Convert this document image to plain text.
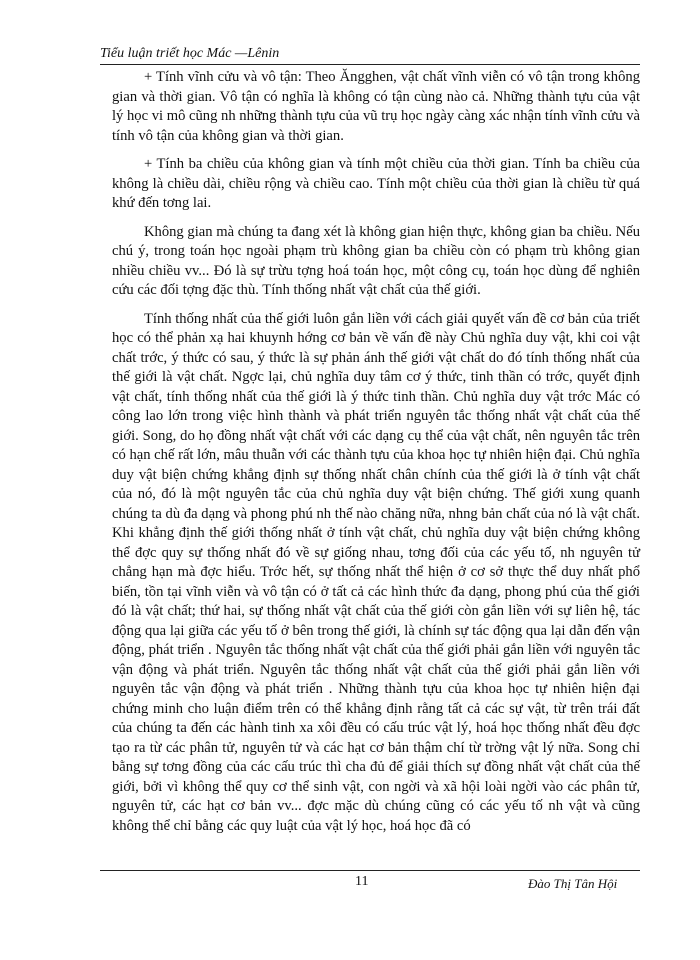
Tiểu luận triết học Mác —Lênin

+ Tính vĩnh cửu và vô tận: Theo Ăngghen, vật chất vĩnh viễn có vô tận trong không gian và thời gian. Vô tận có nghĩa là không có tận cùng nào cả. Những thành tựu của vật lý học vi mô cũng nh những thành tựu của vũ trụ học ngày càng xác nhận tính vĩnh cửu và tính vô tận của không gian và thời gian.

+ Tính ba chiều của không gian và tính một chiều của thời gian. Tính ba chiều của không là chiều dài, chiều rộng và chiều cao. Tính một chiều của thời gian là chiều từ quá khứ đến tơng lai.

Không gian mà chúng ta đang xét là không gian hiện thực, không gian ba chiều. Nếu chú ý, trong toán học ngoài phạm trù không gian ba chiều còn có phạm trù không gian nhiều chiều vv... Đó là sự trừu tợng hoá toán học, một công cụ, toán học dùng để nghiên cứu các đối tợng đặc thù. Tính thống nhất vật chất của thế giới.

Tính thống nhất của thế giới luôn gắn liền với cách giải quyết vấn đề cơ bản của triết học có thể phản xạ hai khuynh hớng cơ bản về vấn đề này Chủ nghĩa duy vật, khi coi vật chất trớc, ý thức có sau, ý thức là sự phản ánh thế giới vật chất do đó tính thống nhất của thế giới là vật chất. Ngợc lại, chủ nghĩa duy tâm cơ ý thức, tinh thần có trớc, quyết định vật chất, tính thống nhất của thế giới là ý thức tinh thần. Chủ nghĩa duy vật trớc Mác có công lao lớn trong việc hình thành và phát triển nguyên tắc thống nhất vật chất của thế giới. Song, do họ đồng nhất vật chất với các dạng cụ thể của vật chất, nên nguyên tắc trên có hạn chế rất lớn, mâu thuẫn với các thành tựu của khoa học tự nhiên hiện đại. Chủ nghĩa duy vật biện chứng khẳng định sự thống nhất chân chính của thế giới là ở tính vật chất của nó, đó là một nguyên tắc của chủ nghĩa duy vật biện chứng. Thế giới xung quanh chúng ta dù đa dạng và phong phú nh thế nào chăng nữa, nhng bản chất của nó là vật chất. Khi khẳng định thế giới thống nhất ở tính vật chất, chủ nghĩa duy vật biện chứng không thể đợc quy sự thống nhất đó về sự giống nhau, tơng đối của các yếu tố, nh nguyên tử chẳng hạn mà đợc hiểu. Trớc hết, sự thống nhất thể hiện ở cơ sở thực thể duy nhất phổ biến, tồn tại vĩnh viễn và vô tận có ở tất cả các hình thức đa dạng, phong phú của thế giới đó là vật chất; thứ hai, sự thống nhất vật chất của thế giới còn gắn liền với sự liên hệ, tác động qua lại giữa các yếu tố ở bên trong thế giới, là chính sự tác động qua lại dẫn đến vận động, phát triển . Nguyên tắc thống nhất vật chất của thế giới phải gắn liền với nguyên tắc vận động và phát triển. Nguyên tắc thống nhất vật chất của thế giới phải gắn liền với nguyên tắc vận động và phát triển . Những thành tựu của khoa học tự nhiên hiện đại chứng minh cho luận điểm trên có thể khẳng định rằng tất cả các sự vật, từ trên trái đất của chúng ta đến các hành tinh xa xôi đều có cấu trúc vật lý, hoá học thống nhất đều đợc tạo ra từ các phân tử, nguyên tử và các hạt cơ bản thậm chí từ trờng vật lý nữa. Song chỉ bằng sự tơng đồng của các cấu trúc thì cha đủ để giải thích sự đồng nhất vật chất của thế giới, bởi vì không thể quy cơ thể sinh vật, con ngời và xã hội loài ngời vào các phân tử, nguyên tử, các hạt cơ bản vv... đợc mặc dù chúng cũng có các yếu tố nh vật và cũng không thể chỉ bằng các quy luật của vật lý học, hoá học đã có

11	Đào Thị Tân Hội
